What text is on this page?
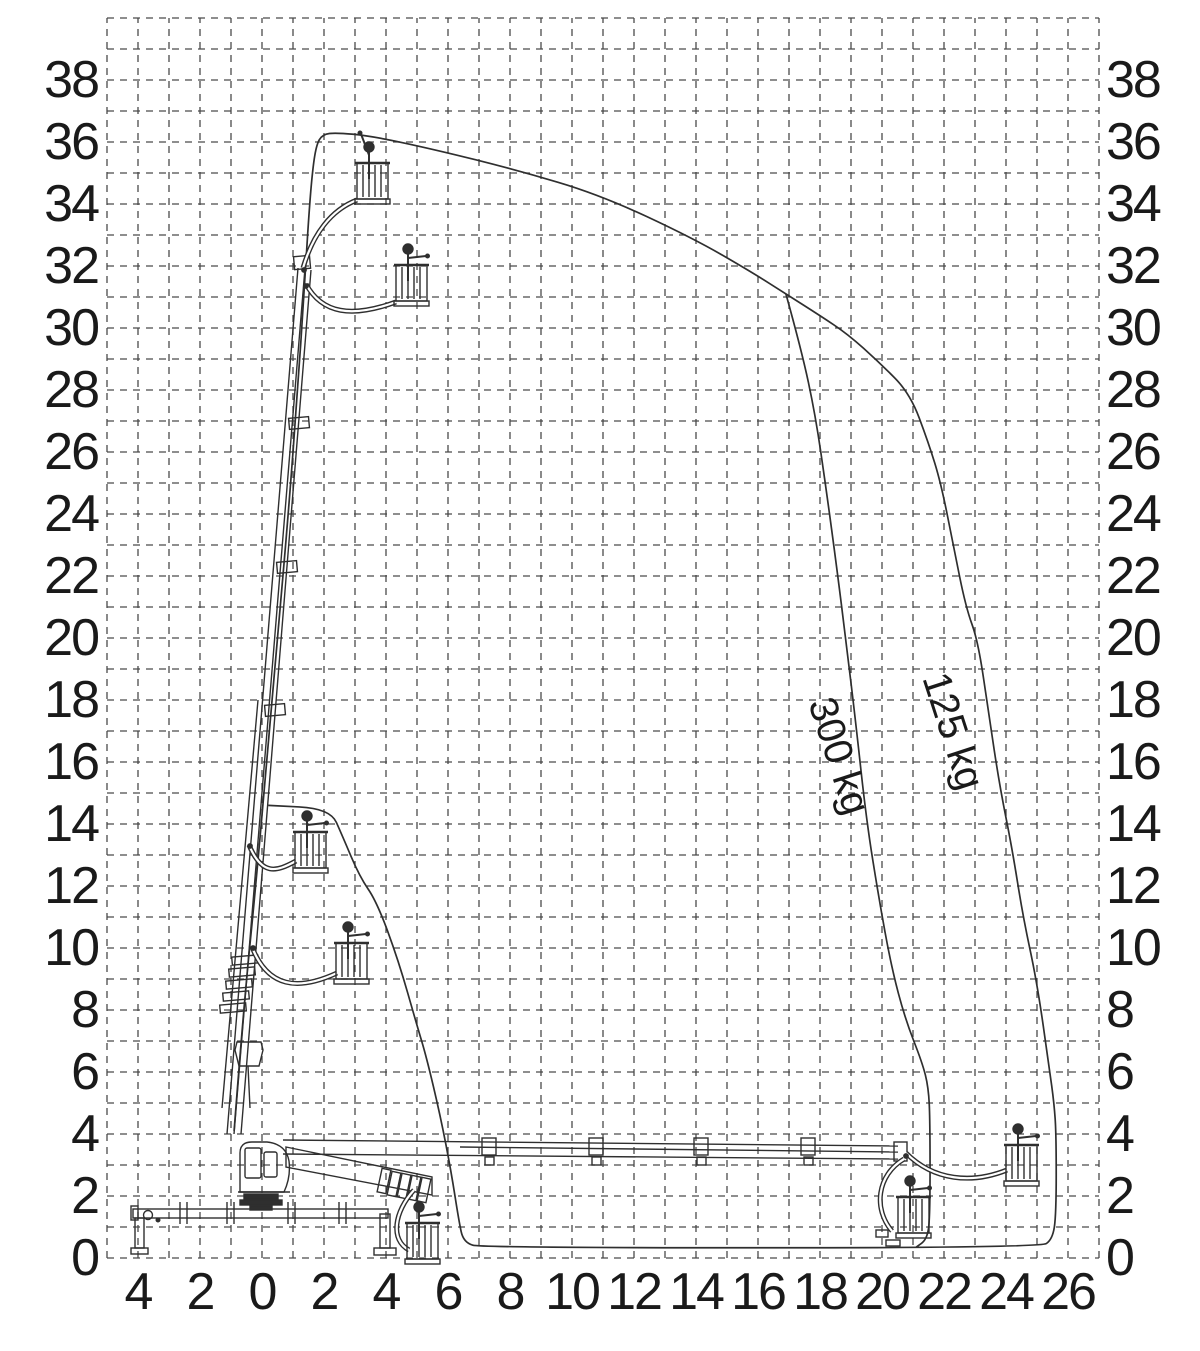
0	0
2	2
4	4
6	6
8	8
10	10
12	12
14	14
16	16
18	18
20	20
22	22
24	24
26	26
28	28
30	30
32	32
34	34
36	36
38	38
4 2 0 2 4 6 8 10 12 14 16 18 20 22 24 26
300 kg 125 kg
